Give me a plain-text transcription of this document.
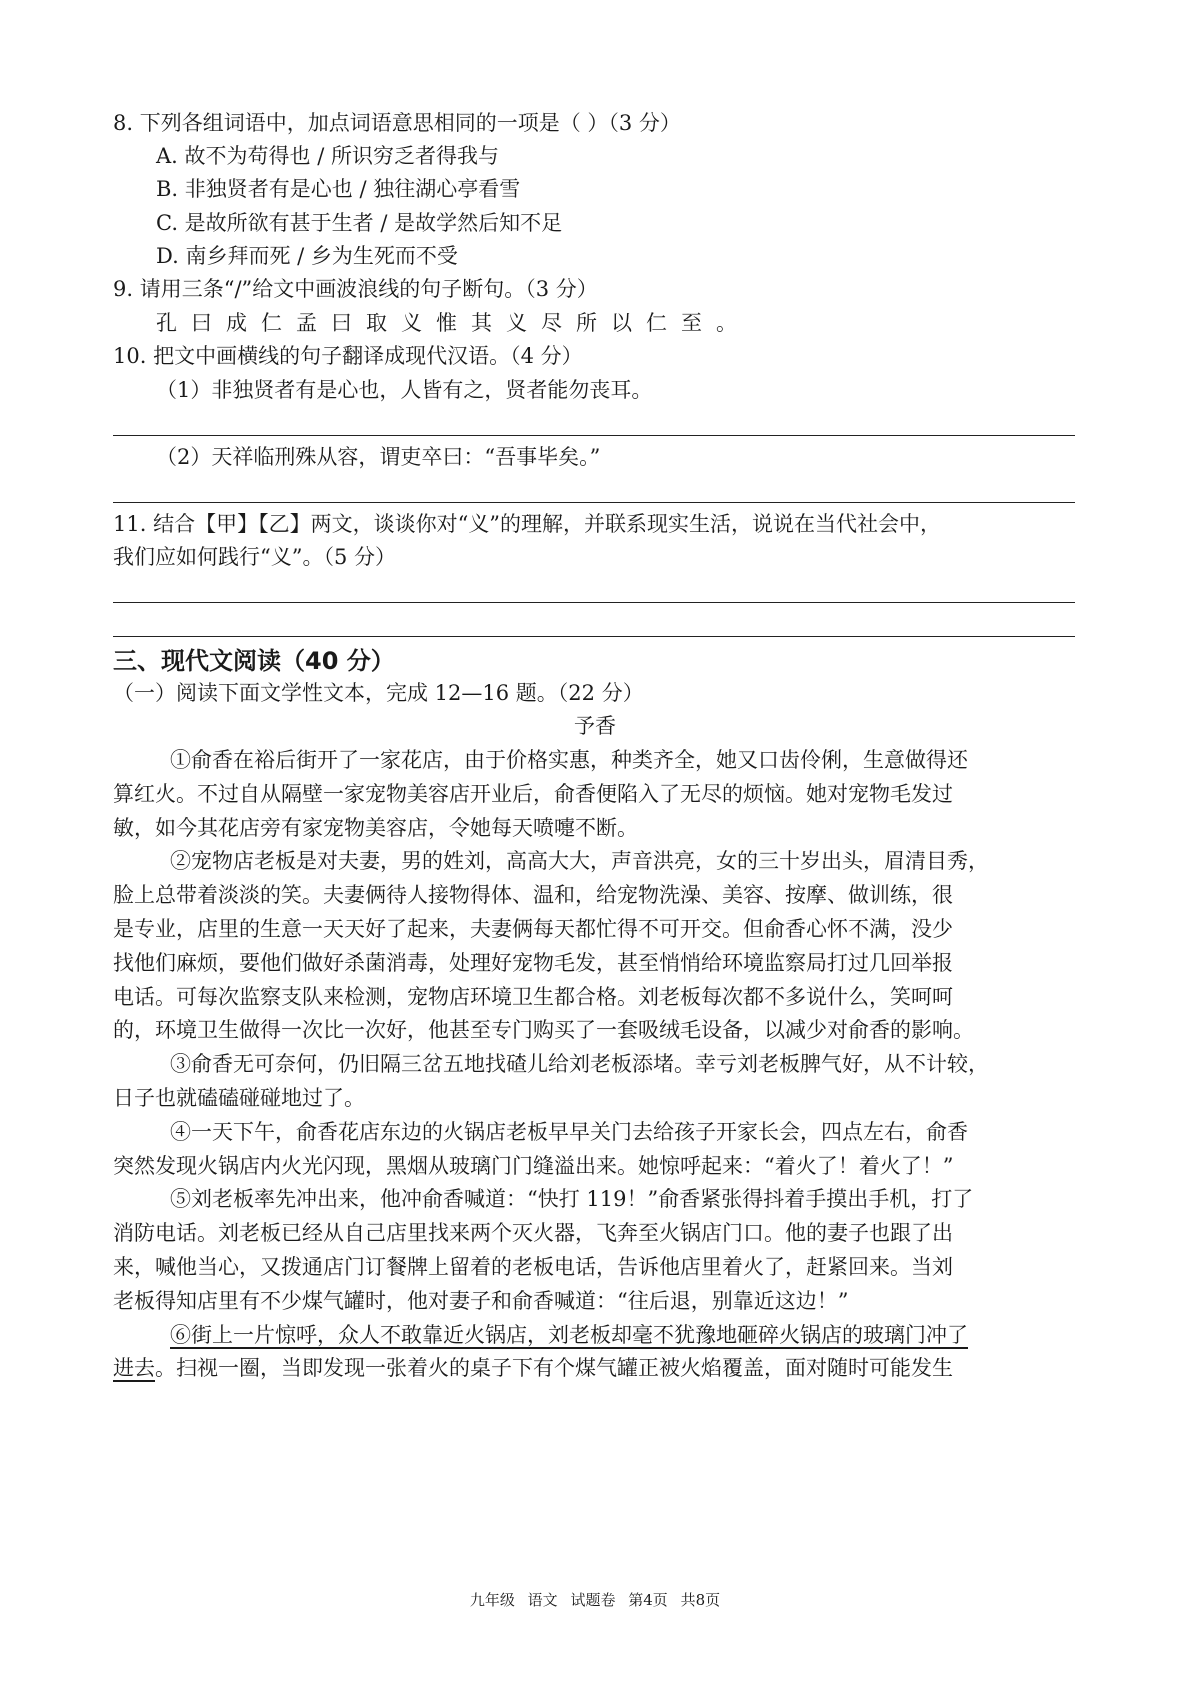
8. 下列各组词语中，加点词语意思相同的一项是（ ）（3 分）
A. 故不为苟得也 / 所识穷乏者得我与
B. 非独贤者有是心也 / 独往湖心亭看雪
C. 是故所欲有甚于生者 / 是故学然后知不足
D. 南乡拜而死 / 乡为生死而不受
9. 请用三条“/”给文中画波浪线的句子断句。（3 分）
孔曰成仁孟曰取义惟其义尽所以仁至。
10. 把文中画横线的句子翻译成现代汉语。（4 分）
（1）非独贤者有是心也，人皆有之，贤者能勿丧耳。
（2）天祥临刑殊从容，谓吏卒曰：“吾事毕矣。”
11. 结合【甲】【乙】两文，谈谈你对“义”的理解，并联系现实生活，说说在当代社会中，
我们应如何践行“义”。（5 分）
三、现代文阅读（40 分）
（一）阅读下面文学性文本，完成 12—16 题。（22 分）
予香
①俞香在裕后街开了一家花店，由于价格实惠，种类齐全，她又口齿伶俐，生意做得还
算红火。不过自从隔壁一家宠物美容店开业后，俞香便陷入了无尽的烦恼。她对宠物毛发过
敏，如今其花店旁有家宠物美容店，令她每天喷嚏不断。
②宠物店老板是对夫妻，男的姓刘，高高大大，声音洪亮，女的三十岁出头，眉清目秀，
脸上总带着淡淡的笑。夫妻俩待人接物得体、温和，给宠物洗澡、美容、按摩、做训练，很
是专业，店里的生意一天天好了起来，夫妻俩每天都忙得不可开交。但俞香心怀不满，没少
找他们麻烦，要他们做好杀菌消毒，处理好宠物毛发，甚至悄悄给环境监察局打过几回举报
电话。可每次监察支队来检测，宠物店环境卫生都合格。刘老板每次都不多说什么，笑呵呵
的，环境卫生做得一次比一次好，他甚至专门购买了一套吸绒毛设备，以减少对俞香的影响。
③俞香无可奈何，仍旧隔三岔五地找碴儿给刘老板添堵。幸亏刘老板脾气好，从不计较，
日子也就磕磕碰碰地过了。
④一天下午，俞香花店东边的火锅店老板早早关门去给孩子开家长会，四点左右，俞香
突然发现火锅店内火光闪现，黑烟从玻璃门门缝溢出来。她惊呼起来：“着火了！着火了！”
⑤刘老板率先冲出来，他冲俞香喊道：“快打 119！”俞香紧张得抖着手摸出手机，打了
消防电话。刘老板已经从自己店里找来两个灭火器，飞奔至火锅店门口。他的妻子也跟了出
来，喊他当心，又拨通店门订餐牌上留着的老板电话，告诉他店里着火了，赶紧回来。当刘
老板得知店里有不少煤气罐时，他对妻子和俞香喊道：“往后退，别靠近这边！”
⑥街上一片惊呼，众人不敢靠近火锅店，刘老板却毫不犹豫地砸碎火锅店的玻璃门冲了
进去。扫视一圈，当即发现一张着火的桌子下有个煤气罐正被火焰覆盖，面对随时可能发生
九年级 语文 试题卷 第4页 共8页
